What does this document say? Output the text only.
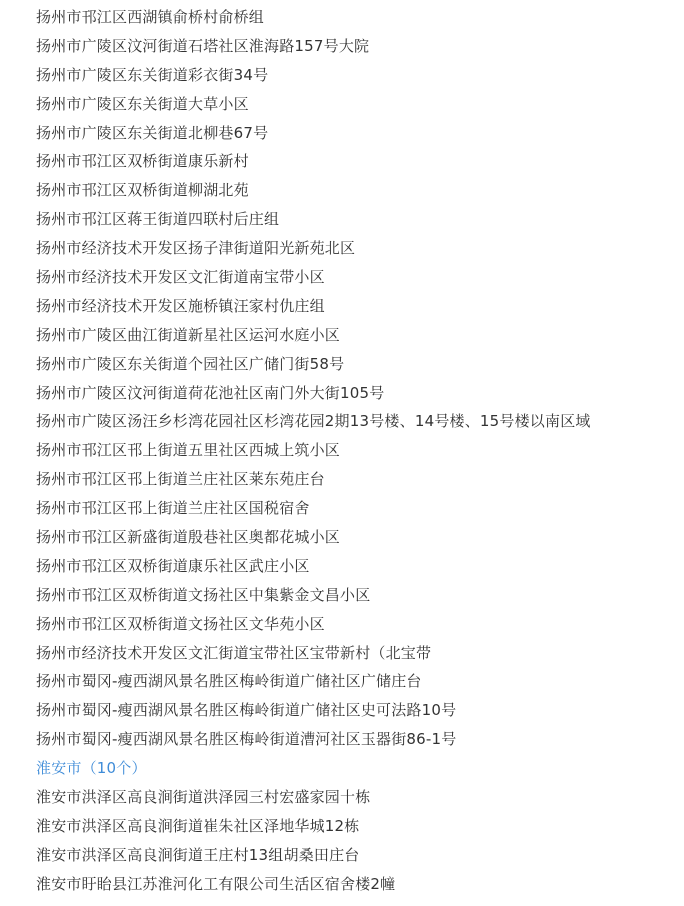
扬州市邗江区西湖镇俞桥村俞桥组
扬州市广陵区汶河街道石塔社区淮海路157号大院
扬州市广陵区东关街道彩衣街34号
扬州市广陵区东关街道大草小区
扬州市广陵区东关街道北柳巷67号
扬州市邗江区双桥街道康乐新村
扬州市邗江区双桥街道柳湖北苑
扬州市邗江区蒋王街道四联村后庄组
扬州市经济技术开发区扬子津街道阳光新苑北区
扬州市经济技术开发区文汇街道南宝带小区
扬州市经济技术开发区施桥镇汪家村仇庄组
扬州市广陵区曲江街道新星社区运河水庭小区
扬州市广陵区东关街道个园社区广储门街58号
扬州市广陵区汶河街道荷花池社区南门外大街105号
扬州市广陵区汤汪乡杉湾花园社区杉湾花园2期13号楼、14号楼、15号楼以南区域
扬州市邗江区邗上街道五里社区西城上筑小区
扬州市邗江区邗上街道兰庄社区莱东苑庄台
扬州市邗江区邗上街道兰庄社区国税宿舍
扬州市邗江区新盛街道殷巷社区奥都花城小区
扬州市邗江区双桥街道康乐社区武庄小区
扬州市邗江区双桥街道文扬社区中集紫金文昌小区
扬州市邗江区双桥街道文扬社区文华苑小区
扬州市经济技术开发区文汇街道宝带社区宝带新村（北宝带
扬州市蜀冈-瘦西湖风景名胜区梅岭街道广储社区广储庄台
扬州市蜀冈-瘦西湖风景名胜区梅岭街道广储社区史可法路10号
扬州市蜀冈-瘦西湖风景名胜区梅岭街道漕河社区玉器街86-1号
淮安市（10个）
淮安市洪泽区高良涧街道洪泽园三村宏盛家园十栋
淮安市洪泽区高良涧街道崔朱社区泽地华城12栋
淮安市洪泽区高良涧街道王庄村13组胡桑田庄台
淮安市盱眙县江苏淮河化工有限公司生活区宿舍楼2幢
